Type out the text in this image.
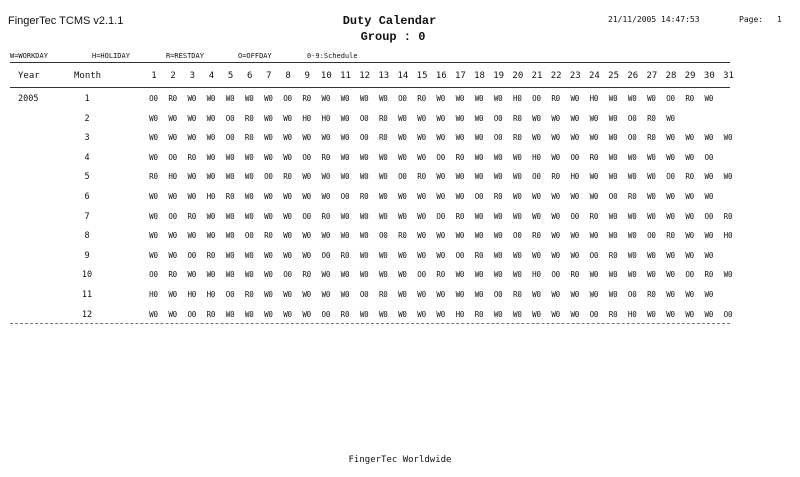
FingerTec TCMS v2.1.1	Duty Calendar
Group : 0
21/11/2005 14:47:53	Page: 1
W=WORKDAY	H=HOLIDAY	R=RESTDAY	O=OFFDAY	0-9:Schedule
Year	Month	1	2	3	4	5	6	7	8	9	10 11 12 13 14 15 16 17 18 19 20 21 22 23 24 25 26 27 28 29 30 31
2005	1	O0	R0	W0	W0	W0	W0	W0	O0	R0	W0	W0	W0	W0	O0	R0	W0	W0	W0	W0	H0	O0	R0	W0	H0	W0	W0	W0	O0	R0	W0
2	W0	W0	W0	W0	O0	R0	W0	W0	H0	H0	W0	O0	R0	W0	W0	W0	W0	W0	O0	R0	W0	W0	W0	W0	W0	O0	R0	W0
3	W0	W0	W0	W0	O0	R0	W0	W0	W0	W0	W0	O0	R0	W0	W0	W0	W0	W0	O0	R0	W0	W0	W0	W0	W0	O0	R0	W0	W0	W0	W0
4	W0	O0	R0	W0	W0	W0	W0	W0	O0	R0	W0	W0	W0	W0	W0	O0	R0	W0	W0	W0	H0	W0	O0	R0	W0	W0	W0	W0	W0	O0
5	R0	H0	W0	W0	W0	W0	O0	R0	W0	W0	W0	W0	W0	O0	R0	W0	W0	W0	W0	W0	O0	R0	H0	W0	W0	W0	W0	O0	R0	W0	W0
6	W0	W0	W0	H0	R0	W0	W0	W0	W0	W0	O0	R0	W0	W0	W0	W0	W0	O0	R0	W0	W0	W0	W0	W0	O0	R0	W0	W0	W0	W0
7	W0	O0	R0	W0	W0	W0	W0	W0	O0	R0	W0	W0	W0	W0	W0	O0	R0	W0	W0	W0	W0	W0	O0	R0	W0	W0	W0	W0	W0	O0	R0
8	W0	W0	W0	W0	W0	O0	R0	W0	W0	W0	W0	W0	O0	R0	W0	W0	W0	W0	W0	O0	R0	W0	W0	W0	W0	W0	O0	R0	W0	W0	H0
9	W0	W0	O0	R0	W0	W0	W0	W0	W0	O0	R0	W0	W0	W0	W0	W0	O0	R0	W0	W0	W0	W0	W0	O0	R0	W0	W0	W0	W0	W0
10	O0	R0	W0	W0	W0	W0	W0	O0	R0	W0	W0	W0	W0	W0	O0	R0	W0	W0	W0	W0	H0	O0	R0	W0	W0	W0	W0	W0	O0	R0	W0
11	H0	W0	H0	H0	O0	R0	W0	W0	W0	W0	W0	O0	R0	W0	W0	W0	W0	W0	O0	R0	W0	W0	W0	W0	W0	O0	R0	W0	W0	W0
12	W0	W0	O0	R0	W0	W0	W0	W0	W0	O0	R0	W0	W0	W0	W0	W0	H0	R0	W0	W0	W0	W0	W0	O0	R0	H0	W0	W0	W0	W0	O0
FingerTec Worldwide
